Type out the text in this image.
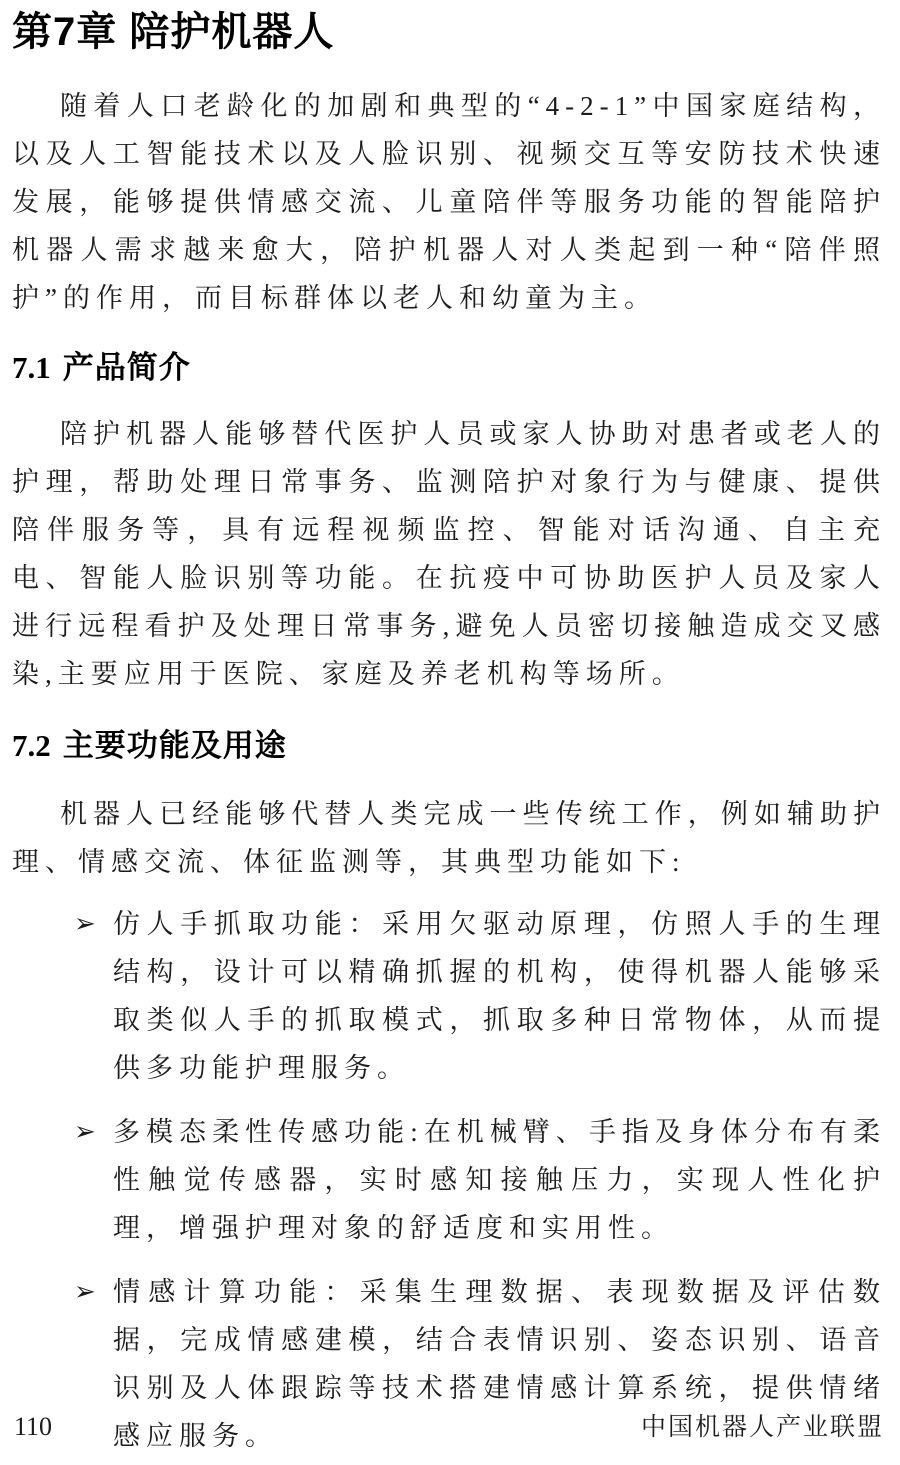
第7章 陪护机器人

随着人口老龄化的加剧和典型的“4-2-1”中国家庭结构，以及人工智能技术以及人脸识别、视频交互等安防技术快速发展，能够提供情感交流、儿童陪伴等服务功能的智能陪护机器人需求越来愈大，陪护机器人对人类起到一种“陪伴照护”的作用，而目标群体以老人和幼童为主。

7.1 产品简介

陪护机器人能够替代医护人员或家人协助对患者或老人的护理，帮助处理日常事务、监测陪护对象行为与健康、提供陪伴服务等，具有远程视频监控、智能对话沟通、自主充电、智能人脸识别等功能。在抗疫中可协助医护人员及家人进行远程看护及处理日常事务,避免人员密切接触造成交叉感染,主要应用于医院、家庭及养老机构等场所。

7.2 主要功能及用途

机器人已经能够代替人类完成一些传统工作，例如辅助护理、情感交流、体征监测等，其典型功能如下:

➢ 仿人手抓取功能：采用欠驱动原理，仿照人手的生理结构，设计可以精确抓握的机构，使得机器人能够采取类似人手的抓取模式，抓取多种日常物体，从而提供多功能护理服务。
➢ 多模态柔性传感功能:在机械臂、手指及身体分布有柔性触觉传感器，实时感知接触压力，实现人性化护理，增强护理对象的舒适度和实用性。
➢ 情感计算功能：采集生理数据、表现数据及评估数据，完成情感建模，结合表情识别、姿态识别、语音识别及人体跟踪等技术搭建情感计算系统，提供情绪感应服务。
110	中国机器人产业联盟
